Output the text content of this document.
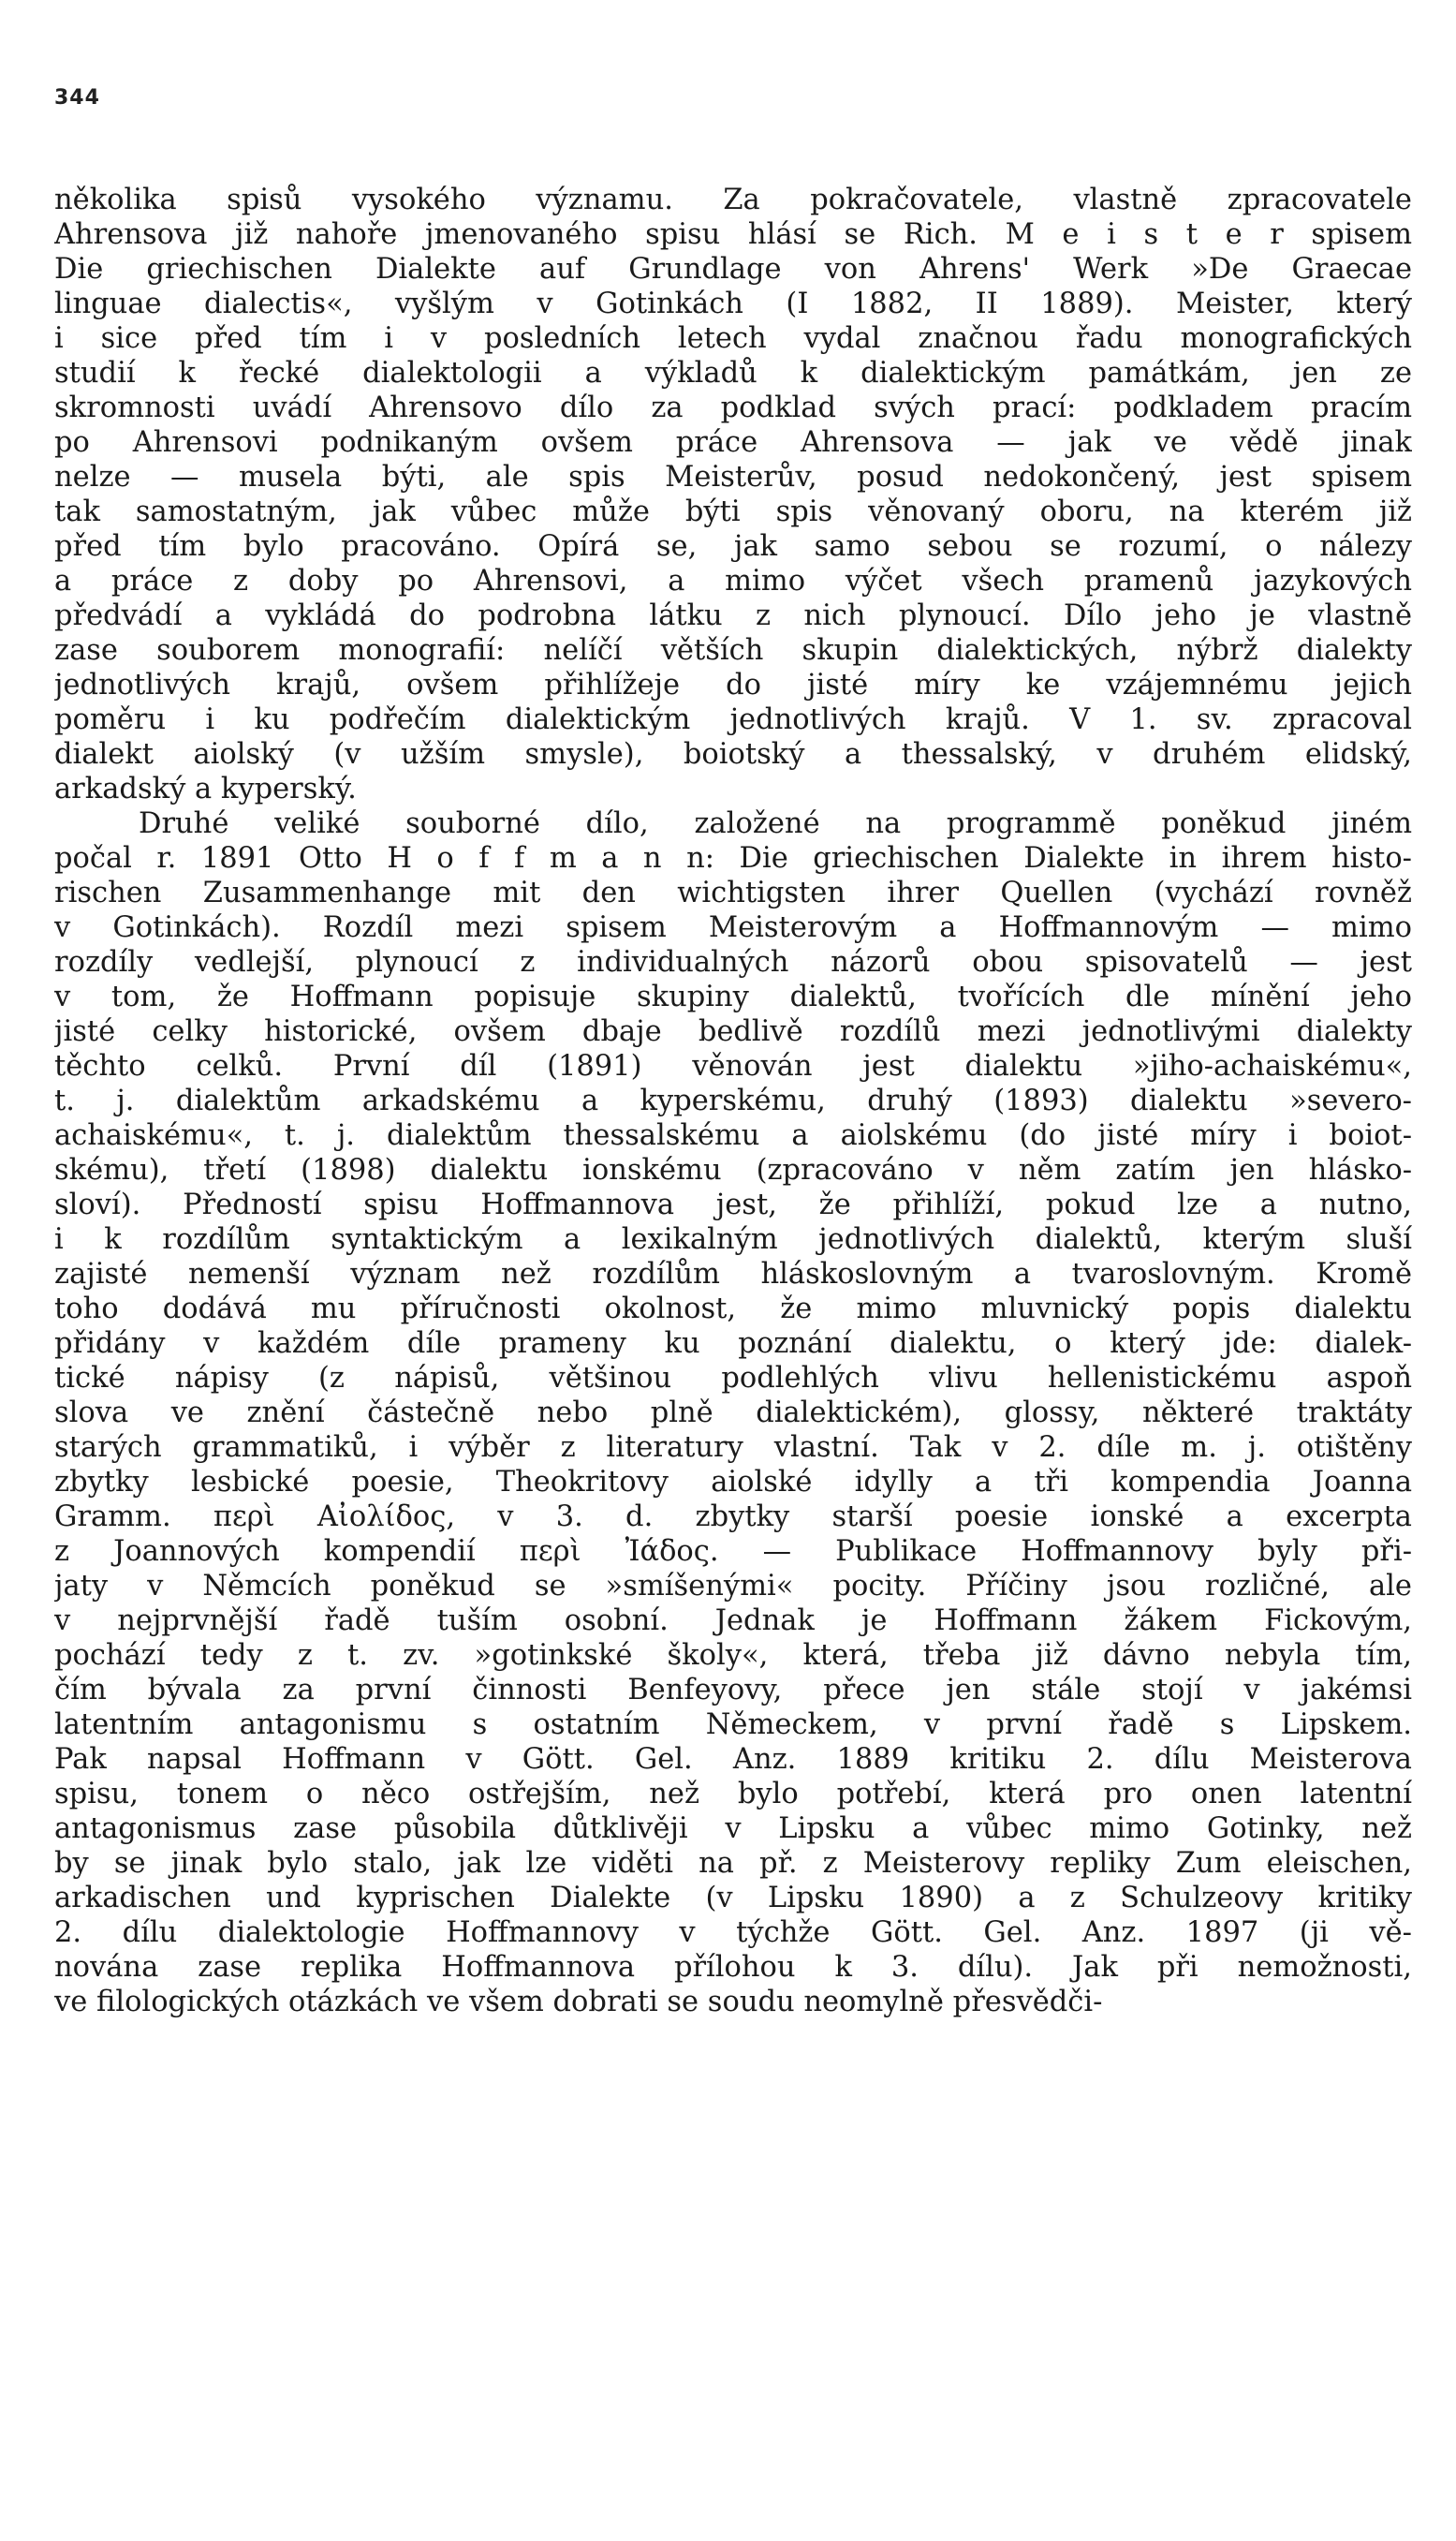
344
několika spisů vysokého významu. Za pokračovatele, vlastně zpracovatele
Ahrensova již nahoře jmenovaného spisu hlásí se Rich. M e i s t e r spisem
Die griechischen Dialekte auf Grundlage von Ahrens' Werk »De Graecae
linguae dialectis«, vyšlým v Gotinkách (I 1882, II 1889). Meister, který
i sice před tím i v posledních letech vydal značnou řadu monografických
studií k řecké dialektologii a výkladů k dialektickým památkám, jen ze
skromnosti uvádí Ahrensovo dílo za podklad svých prací: podkladem pracím
po Ahrensovi podnikaným ovšem práce Ahrensova — jak ve vědě jinak
nelze — musela býti, ale spis Meisterův, posud nedokončený, jest spisem
tak samostatným, jak vůbec může býti spis věnovaný oboru, na kterém již
před tím bylo pracováno. Opírá se, jak samo sebou se rozumí, o nálezy
a práce z doby po Ahrensovi, a mimo výčet všech pramenů jazykových
předvádí a vykládá do podrobna látku z nich plynoucí. Dílo jeho je vlastně
zase souborem monografií: nelíčí větších skupin dialektických, nýbrž dialekty
jednotlivých krajů, ovšem přihlížeje do jisté míry ke vzájemnému jejich
poměru i ku podřečím dialektickým jednotlivých krajů. V 1. sv. zpracoval
dialekt aiolský (v užším smysle), boiotský a thessalský, v druhém elidský,
arkadský a kyperský.
Druhé veliké souborné dílo, založené na programmě poněkud jiném
počal r. 1891 Otto H o f f m a n n: Die griechischen Dialekte in ihrem histo-
rischen Zusammenhange mit den wichtigsten ihrer Quellen (vychází rovněž
v Gotinkách). Rozdíl mezi spisem Meisterovým a Hoffmannovým — mimo
rozdíly vedlejší, plynoucí z individualných názorů obou spisovatelů — jest
v tom, že Hoffmann popisuje skupiny dialektů, tvořících dle mínění jeho
jisté celky historické, ovšem dbaje bedlivě rozdílů mezi jednotlivými dialekty
těchto celků. První díl (1891) věnován jest dialektu »jiho-achaiskému«,
t. j. dialektům arkadskému a kyperskému, druhý (1893) dialektu »severo-
achaiskému«, t. j. dialektům thessalskému a aiolskému (do jisté míry i boiot-
skému), třetí (1898) dialektu ionskému (zpracováno v něm zatím jen hlásko-
sloví). Předností spisu Hoffmannova jest, že přihlíží, pokud lze a nutno,
i k rozdílům syntaktickým a lexikalným jednotlivých dialektů, kterým sluší
zajisté nemenší význam než rozdílům hláskoslovným a tvaroslovným. Kromě
toho dodává mu příručnosti okolnost, že mimo mluvnický popis dialektu
přidány v každém díle prameny ku poznání dialektu, o který jde: dialek-
tické nápisy (z nápisů, většinou podlehlých vlivu hellenistickému aspoň
slova ve znění částečně nebo plně dialektickém), glossy, některé traktáty
starých grammatiků, i výběr z literatury vlastní. Tak v 2. díle m. j. otištěny
zbytky lesbické poesie, Theokritovy aiolské idylly a tři kompendia Joanna
Gramm. περὶ Αἰολίδος, v 3. d. zbytky starší poesie ionské a excerpta
z Joannových kompendií περὶ Ἰάδος. — Publikace Hoffmannovy byly při-
jaty v Němcích poněkud se »smíšenými« pocity. Příčiny jsou rozličné, ale
v nejprvnější řadě tuším osobní. Jednak je Hoffmann žákem Fickovým,
pochází tedy z t. zv. »gotinkské školy«, která, třeba již dávno nebyla tím,
čím bývala za první činnosti Benfeyovy, přece jen stále stojí v jakémsi
latentním antagonismu s ostatním Německem, v první řadě s Lipskem.
Pak napsal Hoffmann v Gött. Gel. Anz. 1889 kritiku 2. dílu Meisterova
spisu, tonem o něco ostřejším, než bylo potřebí, která pro onen latentní
antagonismus zase působila důtklivěji v Lipsku a vůbec mimo Gotinky, než
by se jinak bylo stalo, jak lze viděti na př. z Meisterovy repliky Zum eleischen,
arkadischen und kyprischen Dialekte (v Lipsku 1890) a z Schulzeovy kritiky
2. dílu dialektologie Hoffmannovy v týchže Gött. Gel. Anz. 1897 (ji vě-
nována zase replika Hoffmannova přílohou k 3. dílu). Jak při nemožnosti,
ve filologických otázkách ve všem dobrati se soudu neomylně přesvědči-
